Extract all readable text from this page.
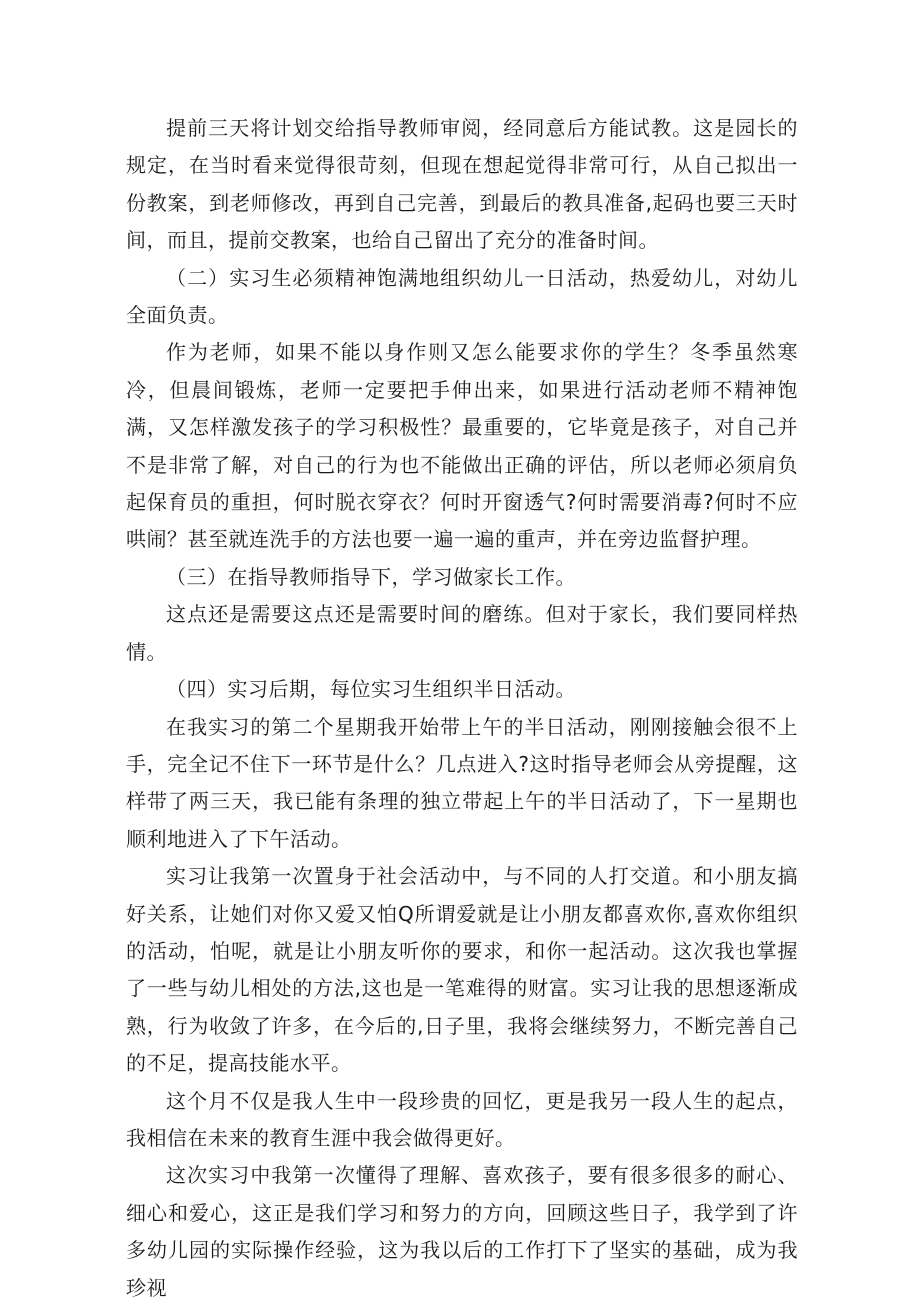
提前三天将计划交给指导教师审阅，经同意后方能试教。这是园长的规定，在当时看来觉得很苛刻，但现在想起觉得非常可行，从自己拟出一份教案，到老师修改，再到自己完善，到最后的教具准备,起码也要三天时间，而且，提前交教案，也给自己留出了充分的准备时间。

（二）实习生必须精神饱满地组织幼儿一日活动，热爱幼儿，对幼儿全面负责。

作为老师，如果不能以身作则又怎么能要求你的学生？冬季虽然寒冷，但晨间锻炼，老师一定要把手伸出来，如果进行活动老师不精神饱满，又怎样激发孩子的学习积极性？最重要的，它毕竟是孩子，对自己并不是非常了解，对自己的行为也不能做出正确的评估，所以老师必须肩负起保育员的重担，何时脱衣穿衣？何时开窗透气?何时需要消毒?何时不应哄闹？甚至就连洗手的方法也要一遍一遍的重声，并在旁边监督护理。

（三）在指导教师指导下，学习做家长工作。

这点还是需要这点还是需要时间的磨练。但对于家长，我们要同样热情。

（四）实习后期，每位实习生组织半日活动。

在我实习的第二个星期我开始带上午的半日活动，刚刚接触会很不上手，完全记不住下一环节是什么？几点进入?这时指导老师会从旁提醒，这样带了两三天，我已能有条理的独立带起上午的半日活动了，下一星期也顺利地进入了下午活动。

实习让我第一次置身于社会活动中，与不同的人打交道。和小朋友搞好关系，让她们对你又爱又怕Q所谓爱就是让小朋友都喜欢你,喜欢你组织的活动，怕呢，就是让小朋友听你的要求，和你一起活动。这次我也掌握了一些与幼儿相处的方法,这也是一笔难得的财富。实习让我的思想逐渐成熟，行为收敛了许多，在今后的,日子里，我将会继续努力，不断完善自己的不足，提高技能水平。

这个月不仅是我人生中一段珍贵的回忆，更是我另一段人生的起点，我相信在未来的教育生涯中我会做得更好。

这次实习中我第一次懂得了理解、喜欢孩子，要有很多很多的耐心、细心和爱心，这正是我们学习和努力的方向，回顾这些日子，我学到了许多幼儿园的实际操作经验，这为我以后的工作打下了坚实的基础，成为我珍视
